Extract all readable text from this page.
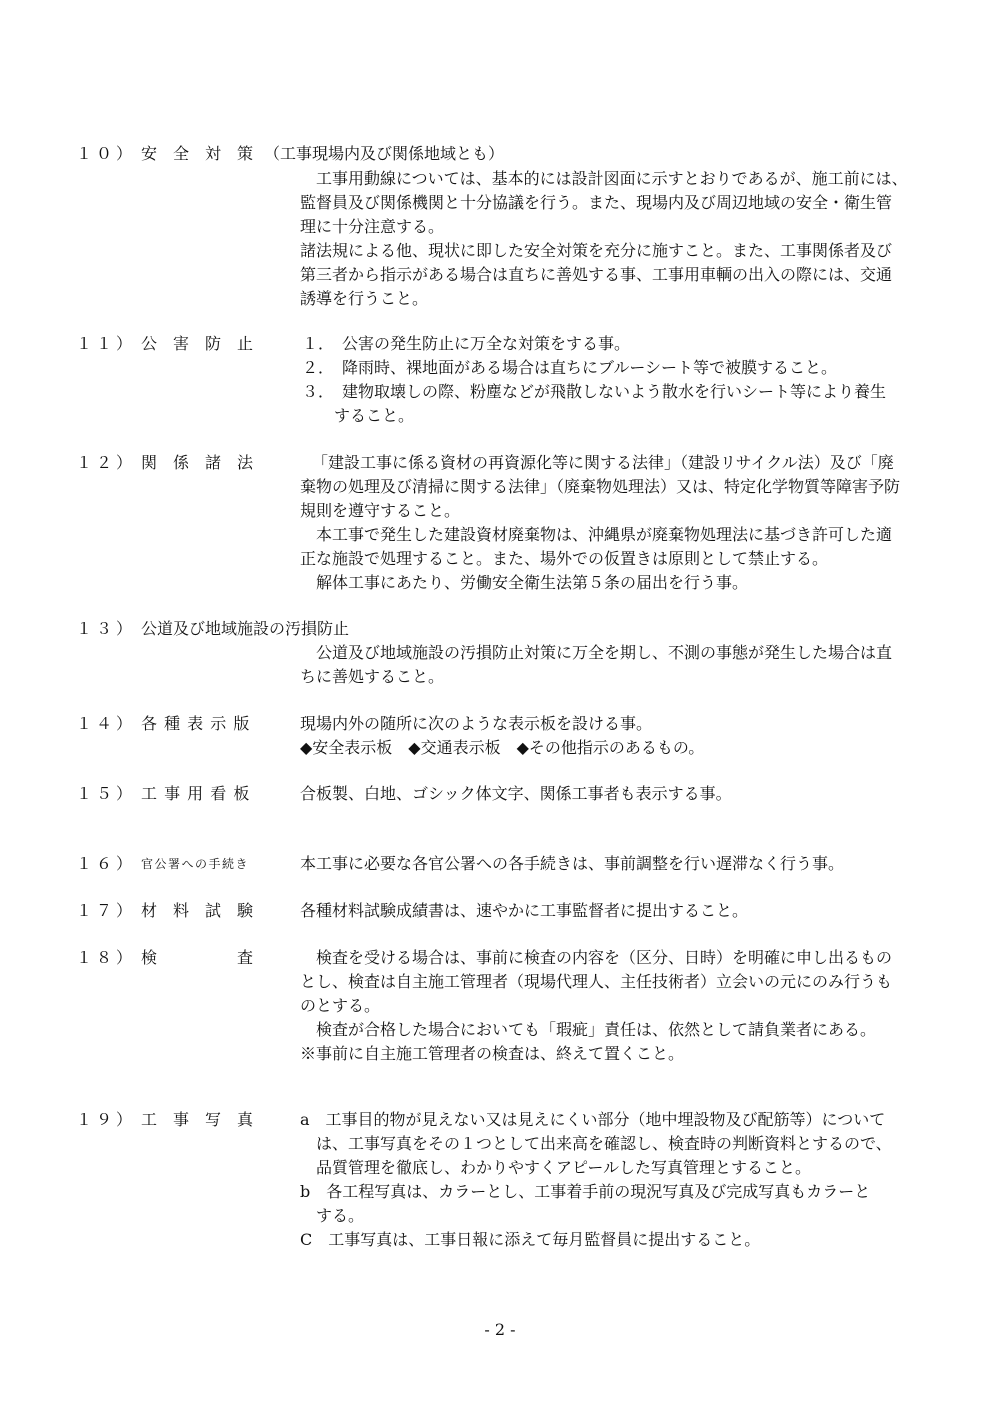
１０） 安　全　対　策 （工事現場内及び関係地域とも）
工事用動線については、基本的には設計図面に示すとおりであるが、施工前には、
監督員及び関係機関と十分協議を行う。また、現場内及び周辺地域の安全・衛生管
理に十分注意する。
諸法規による他、現状に即した安全対策を充分に施すこと。また、工事関係者及び
第三者から指示がある場合は直ちに善処する事、工事用車輌の出入の際には、交通
誘導を行うこと。
１１） 公　害　防　止	１．　公害の発生防止に万全な対策をする事。
２．　降雨時、裸地面がある場合は直ちにブルーシート等で被膜すること。
３．　建物取壊しの際、粉塵などが飛散しないよう散水を行いシート等により養生
すること。
１２） 関　係　諸　法	「建設工事に係る資材の再資源化等に関する法律」（建設リサイクル法）及び「廃
棄物の処理及び清掃に関する法律」（廃棄物処理法）又は、特定化学物質等障害予防
規則を遵守すること。
本工事で発生した建設資材廃棄物は、沖縄県が廃棄物処理法に基づき許可した適
正な施設で処理すること。また、場外での仮置きは原則として禁止する。
解体工事にあたり、労働安全衛生法第５条の届出を行う事。
１３） 公道及び地域施設の汚損防止
公道及び地域施設の汚損防止対策に万全を期し、不測の事態が発生した場合は直
ちに善処すること。
１４） 各 種 表 示 版	現場内外の随所に次のような表示板を設ける事。
◆安全表示板　◆交通表示板　◆その他指示のあるもの。
１５） 工 事 用 看 板	合板製、白地、ゴシック体文字、関係工事者も表示する事。
１６） 官公署への手続き	本工事に必要な各官公署への各手続きは、事前調整を行い遅滞なく行う事。
１７） 材　料　試　験	各種材料試験成績書は、速やかに工事監督者に提出すること。
１８） 検　　　　　査	検査を受ける場合は、事前に検査の内容を（区分、日時）を明確に申し出るもの
とし、検査は自主施工管理者（現場代理人、主任技術者）立会いの元にのみ行うも
のとする。
検査が合格した場合においても「瑕疵」責任は、依然として請負業者にある。
※事前に自主施工管理者の検査は、終えて置くこと。
１９） 工　事　写　真	a　工事目的物が見えない又は見えにくい部分（地中埋設物及び配筋等）について
は、工事写真をその１つとして出来高を確認し、検査時の判断資料とするので、
品質管理を徹底し、わかりやすくアピールした写真管理とすること。
b　各工程写真は、カラーとし、工事着手前の現況写真及び完成写真もカラーと
する。
C　工事写真は、工事日報に添えて毎月監督員に提出すること。
- 2 -
